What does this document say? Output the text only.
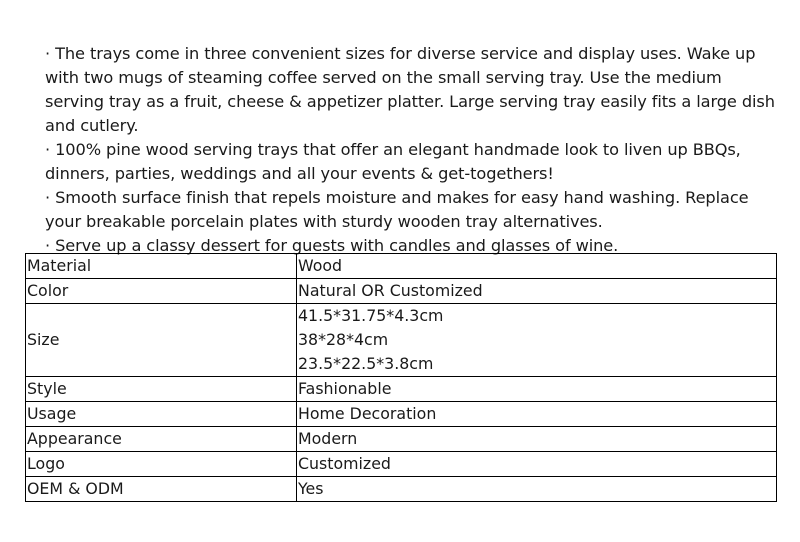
· The trays come in three convenient sizes for diverse service and display uses. Wake up with two mugs of steaming coffee served on the small serving tray. Use the medium serving tray as a fruit, cheese & appetizer platter. Large serving tray easily fits a large dish and cutlery.

· 100% pine wood serving trays that offer an elegant handmade look to liven up BBQs, dinners, parties, weddings and all your events & get-togethers!

· Smooth surface finish that repels moisture and makes for easy hand washing. Replace your breakable porcelain plates with sturdy wooden tray alternatives.

· Serve up a classy dessert for guests with candles and glasses of wine.

Material	Wood
Color	Natural OR Customized
Size	41.5*31.75*4.3cm
38*28*4cm
23.5*22.5*3.8cm

Style	Fashionable
Usage	Home Decoration
Appearance	Modern
Logo	Customized
OEM & ODM	Yes
